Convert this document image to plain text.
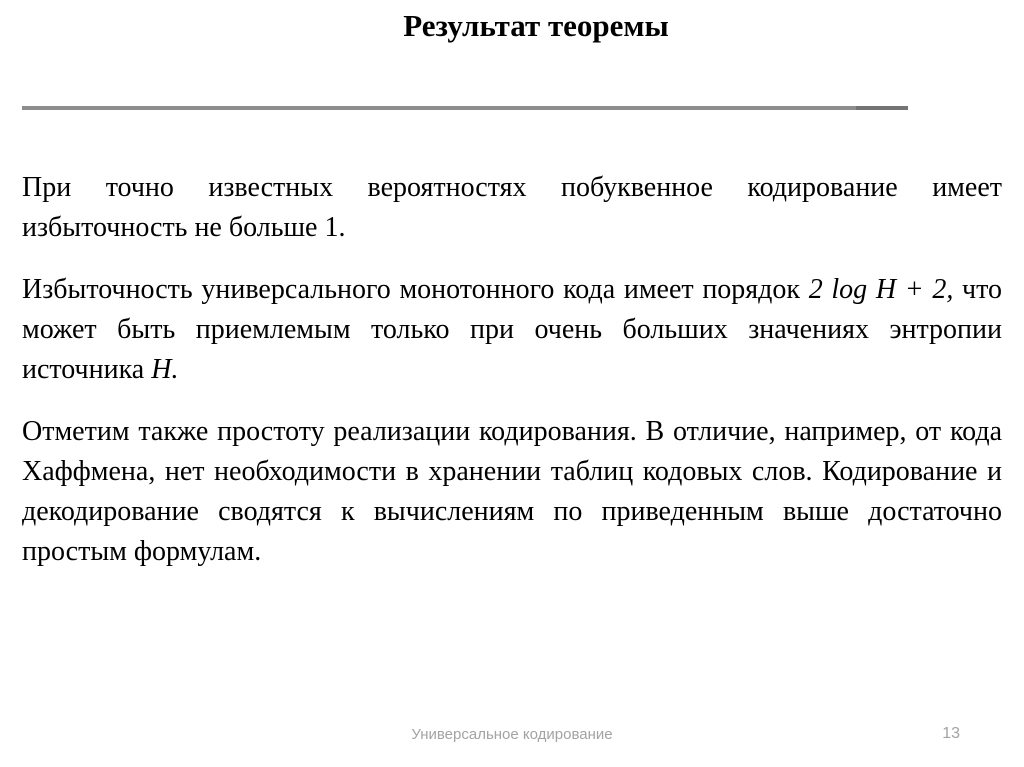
Результат теоремы

При точно известных вероятностях побуквенное кодирование имеет избыточность не больше 1.

Избыточность универсального монотонного кода имеет порядок 2 log H + 2, что может быть приемлемым только при очень больших значениях энтропии источника H.

Отметим также простоту реализации кодирования. В отличие, например, от кода Хаффмена, нет необходимости в хранении таблиц кодовых слов. Кодирование и декодирование сводятся к вычислениям по приведенным выше достаточно простым формулам.

Универсальное кодирование	13
